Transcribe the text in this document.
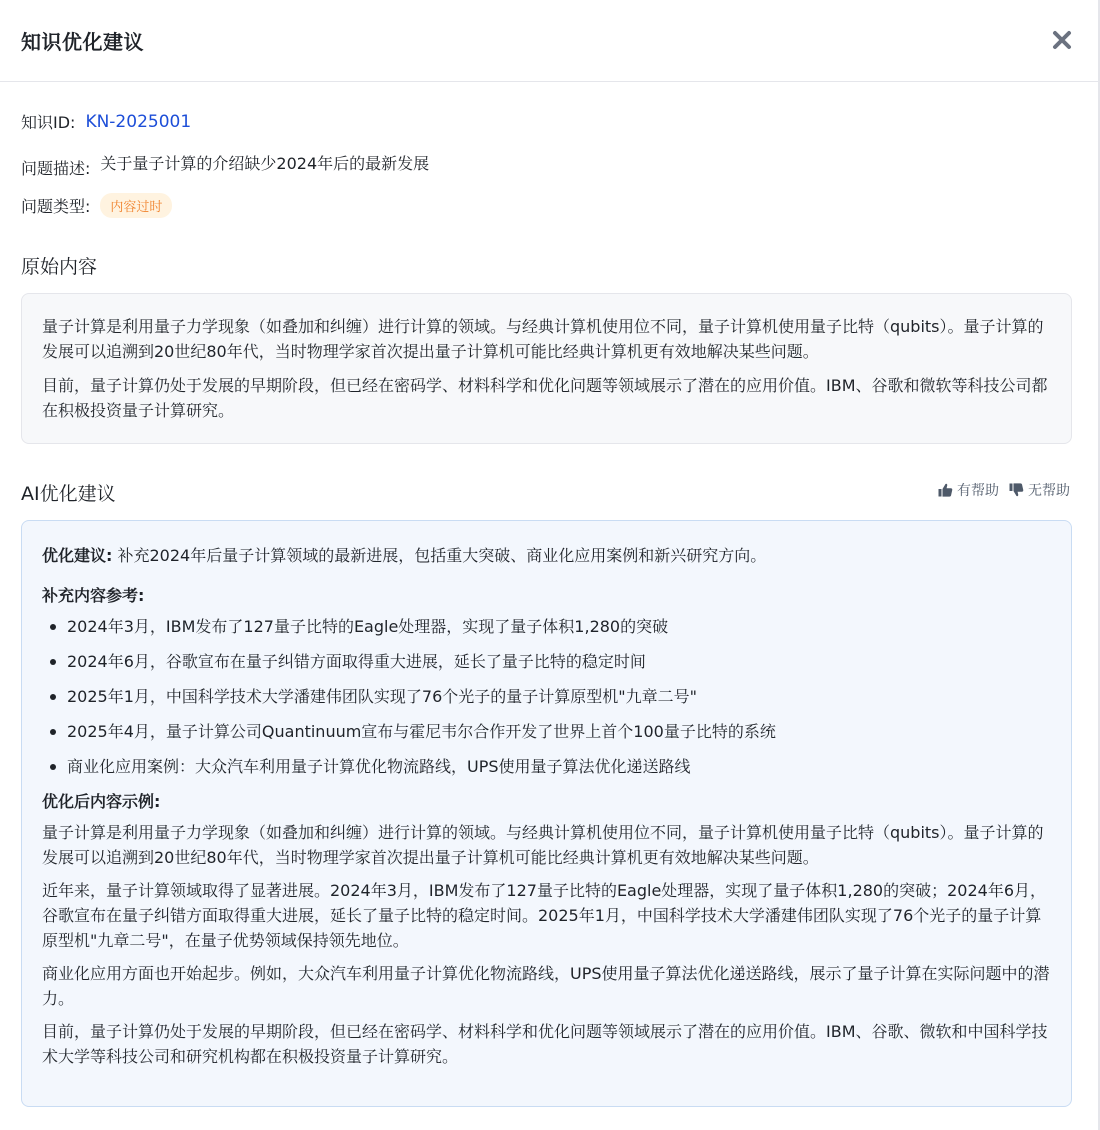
知识优化建议
知识ID: KN-2025001
问题描述: 关于量子计算的介绍缺少2024年后的最新发展
问题类型:	内容过时
原始内容

量子计算是利用量子力学现象（如叠加和纠缠）进行计算的领域。与经典计算机使用位不同，量子计算机使用量子比特（qubits）。量子计算的发展可以追溯到20世纪80年代，当时物理学家首次提出量子计算机可能比经典计算机更有效地解决某些问题。

目前，量子计算仍处于发展的早期阶段，但已经在密码学、材料科学和优化问题等领域展示了潜在的应用价值。IBM、谷歌和微软等科技公司都在积极投资量子计算研究。

AI优化建议	有帮助 无帮助
优化建议: 补充2024年后量子计算领域的最新进展，包括重大突破、商业化应用案例和新兴研究方向。
补充内容参考:
2024年3月，IBM发布了127量子比特的Eagle处理器，实现了量子体积1,280的突破
2024年6月，谷歌宣布在量子纠错方面取得重大进展，延长了量子比特的稳定时间
2025年1月，中国科学技术大学潘建伟团队实现了76个光子的量子计算原型机"九章二号"
2025年4月，量子计算公司Quantinuum宣布与霍尼韦尔合作开发了世界上首个100量子比特的系统
商业化应用案例：大众汽车利用量子计算优化物流路线，UPS使用量子算法优化递送路线
优化后内容示例:

量子计算是利用量子力学现象（如叠加和纠缠）进行计算的领域。与经典计算机使用位不同，量子计算机使用量子比特（qubits）。量子计算的发展可以追溯到20世纪80年代，当时物理学家首次提出量子计算机可能比经典计算机更有效地解决某些问题。

近年来，量子计算领域取得了显著进展。2024年3月，IBM发布了127量子比特的Eagle处理器，实现了量子体积1,280的突破；2024年6月，谷歌宣布在量子纠错方面取得重大进展，延长了量子比特的稳定时间。2025年1月，中国科学技术大学潘建伟团队实现了76个光子的量子计算原型机"九章二号"，在量子优势领域保持领先地位。

商业化应用方面也开始起步。例如，大众汽车利用量子计算优化物流路线，UPS使用量子算法优化递送路线，展示了量子计算在实际问题中的潜力。

目前，量子计算仍处于发展的早期阶段，但已经在密码学、材料科学和优化问题等领域展示了潜在的应用价值。IBM、谷歌、微软和中国科学技术大学等科技公司和研究机构都在积极投资量子计算研究。
